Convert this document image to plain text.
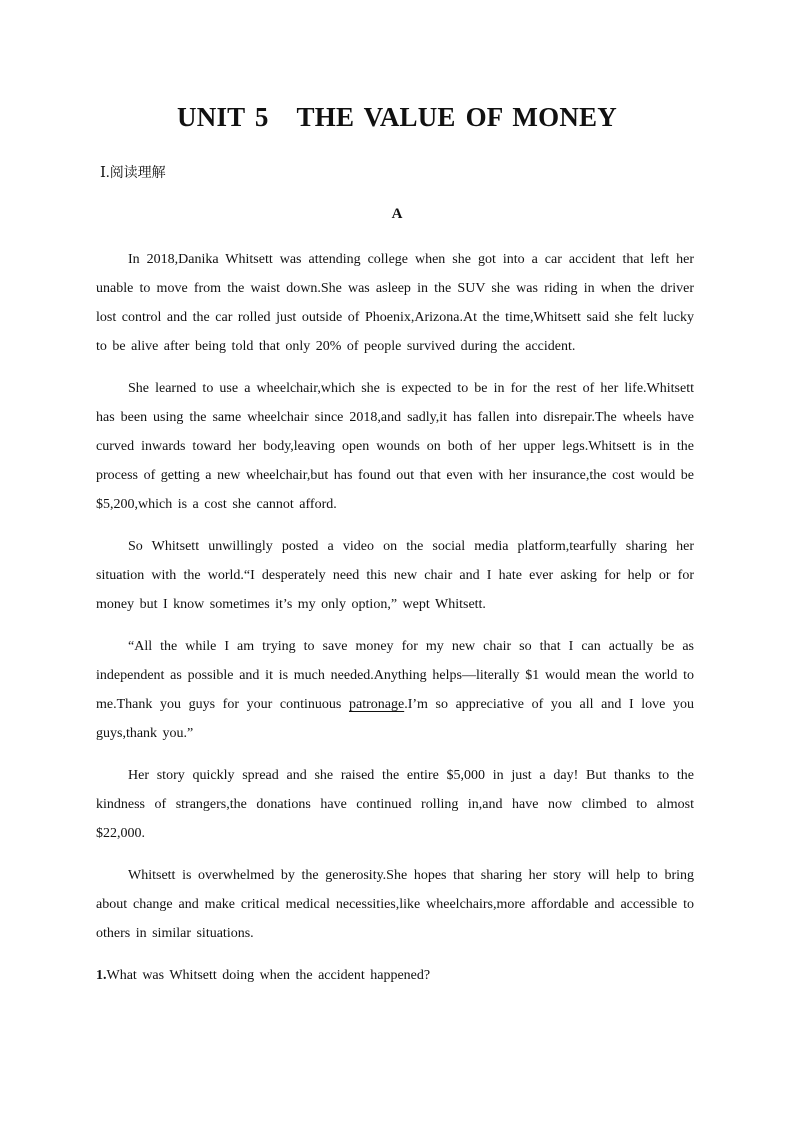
UNIT 5 THE VALUE OF MONEY
Ⅰ.阅读理解
A

In 2018,Danika Whitsett was attending college when she got into a car accident that left her unable to move from the waist down.She was asleep in the SUV she was riding in when the driver lost control and the car rolled just outside of Phoenix,Arizona.At the time,Whitsett said she felt lucky to be alive after being told that only 20% of people survived during the accident.

She learned to use a wheelchair,which she is expected to be in for the rest of her life.Whitsett has been using the same wheelchair since 2018,and sadly,it has fallen into disrepair.The wheels have curved inwards toward her body,leaving open wounds on both of her upper legs.Whitsett is in the process of getting a new wheelchair,but has found out that even with her insurance,the cost would be $5,200,which is a cost she cannot afford.

So Whitsett unwillingly posted a video on the social media platform,tearfully sharing her situation with the world.“I desperately need this new chair and I hate ever asking for help or for money but I know sometimes it’s my only option,” wept Whitsett.

“All the while I am trying to save money for my new chair so that I can actually be as independent as possible and it is much needed.Anything helps—literally $1 would mean the world to me.Thank you guys for your continuous patronage.I’m so appreciative of you all and I love you guys,thank you.”

Her story quickly spread and she raised the entire $5,000 in just a day! But thanks to the kindness of strangers,the donations have continued rolling in,and have now climbed to almost $22,000.

Whitsett is overwhelmed by the generosity.She hopes that sharing her story will help to bring about change and make critical medical necessities,like wheelchairs,more affordable and accessible to others in similar situations.

1.What was Whitsett doing when the accident happened?
